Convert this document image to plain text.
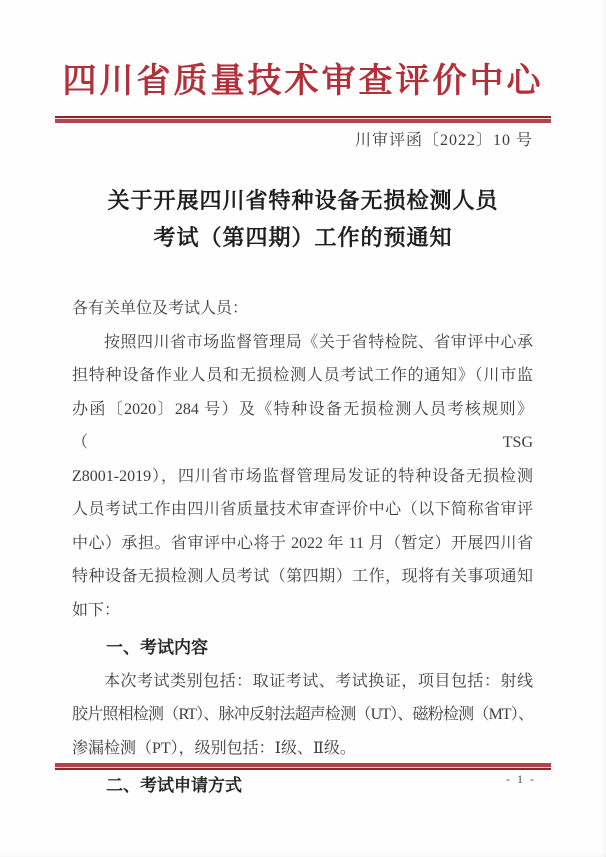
四川省质量技术审查评价中心
川审评函〔2022〕10 号
关于开展四川省特种设备无损检测人员
考试（第四期）工作的预通知
各有关单位及考试人员：
按照四川省市场监督管理局《关于省特检院、省审评中心承
担特种设备作业人员和无损检测人员考试工作的通知》（川市监
办函〔2020〕284 号）及《特种设备无损检测人员考核规则》（TSG
Z8001-2019），四川省市场监督管理局发证的特种设备无损检测
人员考试工作由四川省质量技术审查评价中心（以下简称省审评
中心）承担。省审评中心将于 2022 年 11 月（暂定）开展四川省
特种设备无损检测人员考试（第四期）工作，现将有关事项通知
如下：
一、考试内容
本次考试类别包括：取证考试、考试换证，项目包括：射线
胶片照相检测（RT）、脉冲反射法超声检测（UT）、磁粉检测（MT）、
渗漏检测（PT），级别包括：Ⅰ级、Ⅱ级。
二、考试申请方式	- 1 -
